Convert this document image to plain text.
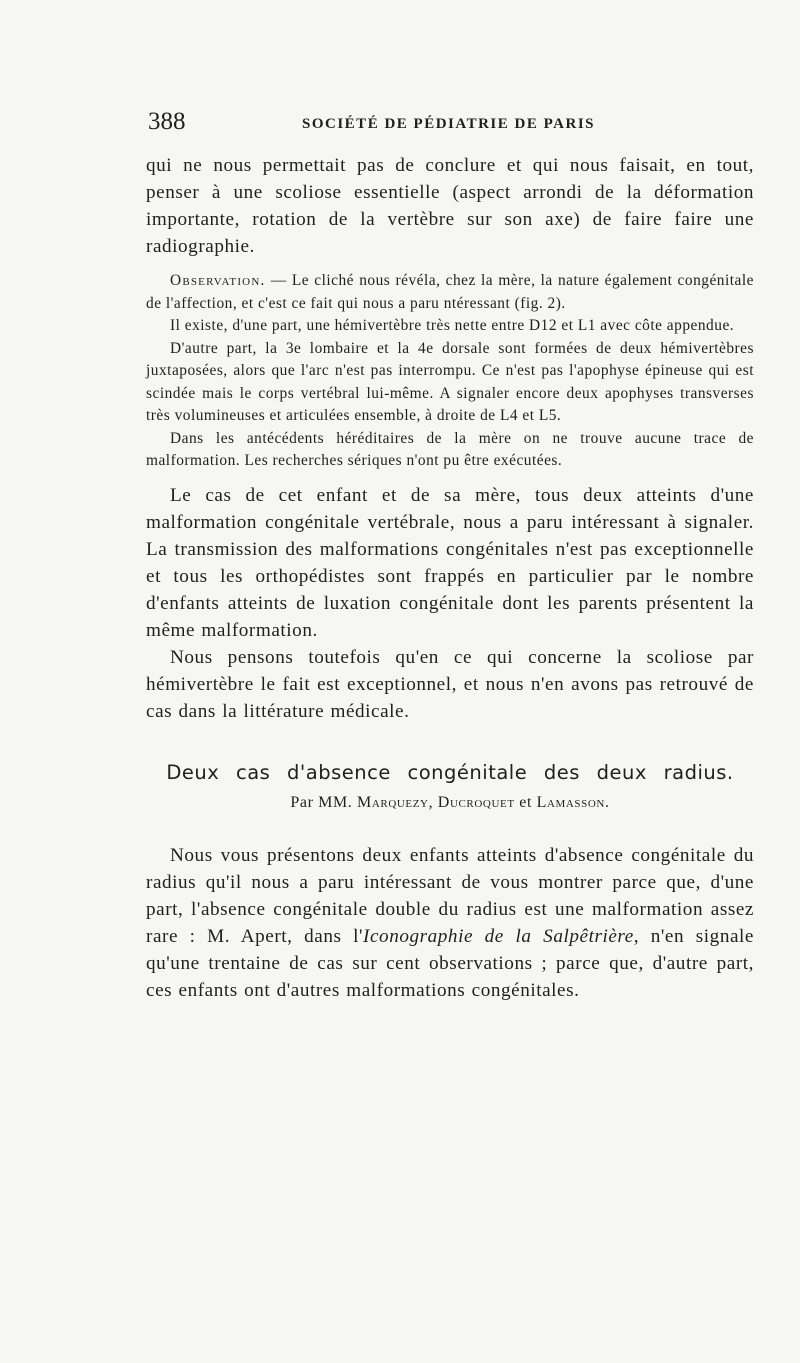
388	SOCIÉTÉ DE PÉDIATRIE DE PARIS

qui ne nous permettait pas de conclure et qui nous faisait, en tout, penser à une scoliose essentielle (aspect arrondi de la déformation importante, rotation de la vertèbre sur son axe) de faire faire une radiographie.

Observation. — Le cliché nous révéla, chez la mère, la nature également congénitale de l'affection, et c'est ce fait qui nous a paru ntéressant (fig. 2).

Il existe, d'une part, une hémivertèbre très nette entre D12 et L1 avec côte appendue.

D'autre part, la 3e lombaire et la 4e dorsale sont formées de deux hémivertèbres juxtaposées, alors que l'arc n'est pas interrompu. Ce n'est pas l'apophyse épineuse qui est scindée mais le corps vertébral lui-même. A signaler encore deux apophyses transverses très volumineuses et articulées ensemble, à droite de L4 et L5.

Dans les antécédents héréditaires de la mère on ne trouve aucune trace de malformation. Les recherches sériques n'ont pu être exécutées.

Le cas de cet enfant et de sa mère, tous deux atteints d'une malformation congénitale vertébrale, nous a paru intéressant à signaler. La transmission des malformations congénitales n'est pas exceptionnelle et tous les orthopédistes sont frappés en particulier par le nombre d'enfants atteints de luxation congénitale dont les parents présentent la même malformation.

Nous pensons toutefois qu'en ce qui concerne la scoliose par hémivertèbre le fait est exceptionnel, et nous n'en avons pas retrouvé de cas dans la littérature médicale.

Deux cas d'absence congénitale des deux radius.
Par MM. Marquezy, Ducroquet et Lamasson.

Nous vous présentons deux enfants atteints d'absence congénitale du radius qu'il nous a paru intéressant de vous montrer parce que, d'une part, l'absence congénitale double du radius est une malformation assez rare : M. Apert, dans l'Iconographie de la Salpêtrière, n'en signale qu'une trentaine de cas sur cent observations ; parce que, d'autre part, ces enfants ont d'autres malformations congénitales.
